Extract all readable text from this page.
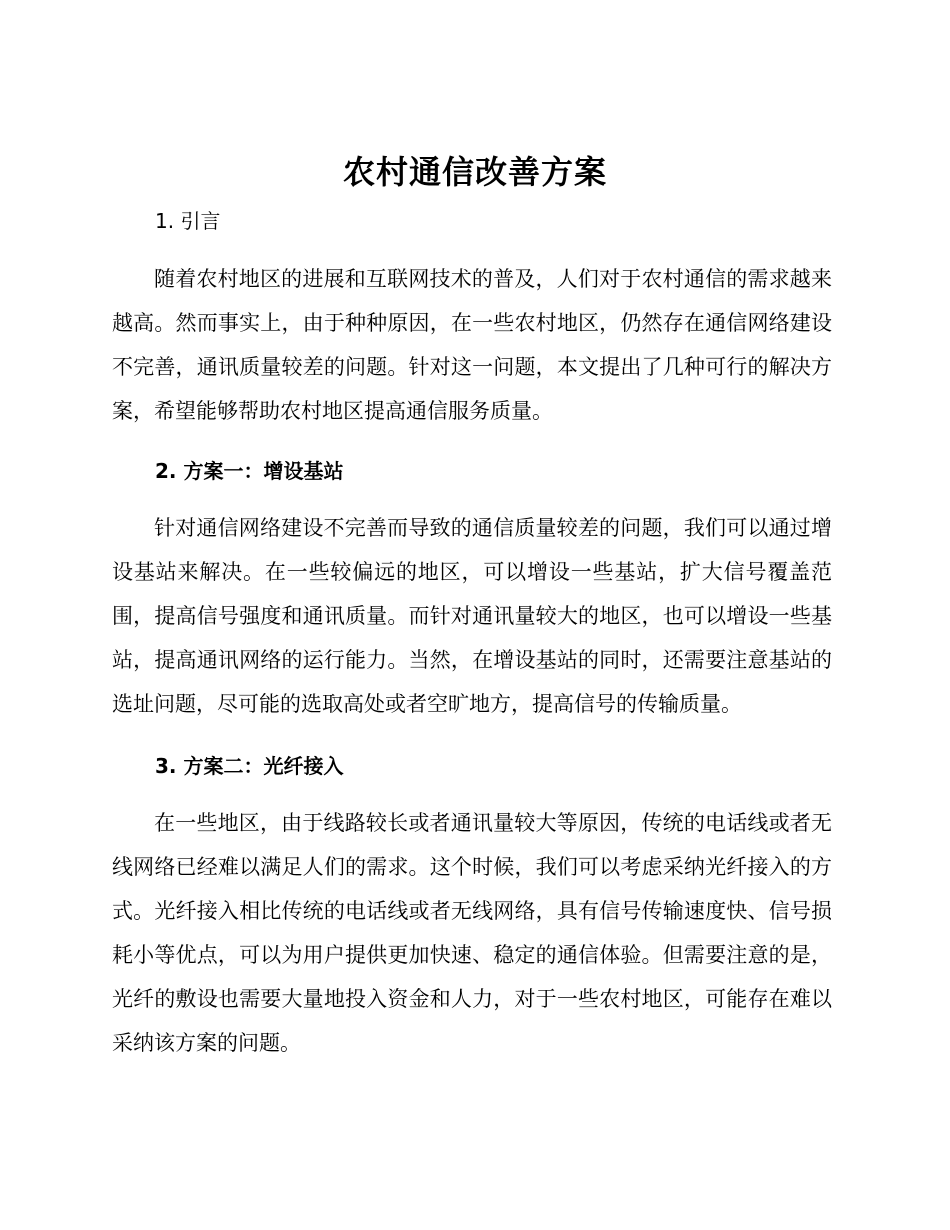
农村通信改善方案
1. 引言
随着农村地区的进展和互联网技术的普及，人们对于农村通信的需求越来越高。然而事实上，由于种种原因，在一些农村地区，仍然存在通信网络建设不完善，通讯质量较差的问题。针对这一问题，本文提出了几种可行的解决方案，希望能够帮助农村地区提高通信服务质量。
2. 方案一：增设基站
针对通信网络建设不完善而导致的通信质量较差的问题，我们可以通过增设基站来解决。在一些较偏远的地区，可以增设一些基站，扩大信号覆盖范围，提高信号强度和通讯质量。而针对通讯量较大的地区，也可以增设一些基站，提高通讯网络的运行能力。当然，在增设基站的同时，还需要注意基站的选址问题，尽可能的选取高处或者空旷地方，提高信号的传输质量。
3. 方案二：光纤接入
在一些地区，由于线路较长或者通讯量较大等原因，传统的电话线或者无线网络已经难以满足人们的需求。这个时候，我们可以考虑采纳光纤接入的方式。光纤接入相比传统的电话线或者无线网络，具有信号传输速度快、信号损耗小等优点，可以为用户提供更加快速、稳定的通信体验。但需要注意的是，光纤的敷设也需要大量地投入资金和人力，对于一些农村地区，可能存在难以采纳该方案的问题。
